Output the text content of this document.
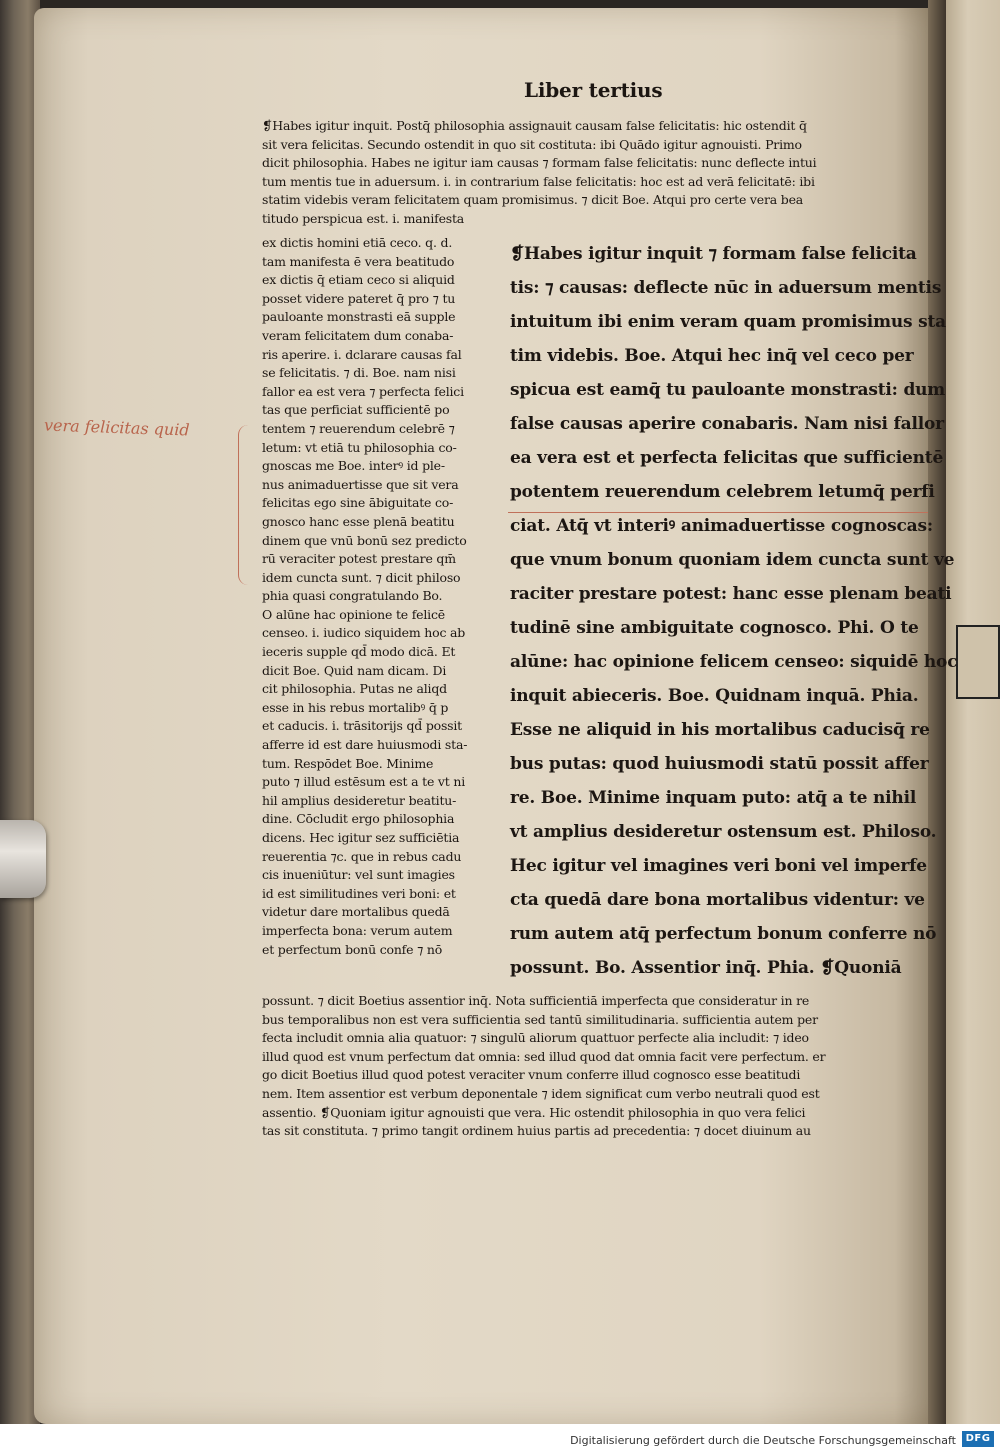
Liber tertius
❡Habes igitur inquit. Postq̄ philosophia assignauit causam false felicitatis: hic ostendit q̄
sit vera felicitas. Secundo ostendit in quo sit costituta: ibi Quādo igitur agnouisti. Primo
dicit philosophia. Habes ne igitur iam causas ⁊ formam false felicitatis: nunc deflecte intui
tum mentis tue in aduersum. i. in contrarium false felicitatis: hoc est ad verā felicitatē: ibi
statim videbis veram felicitatem quam promisimus. ⁊ dicit Boe. Atqui pro certe vera bea
titudo perspicua est. i. manifesta
ex dictis homini etiā ceco. q. d.
tam manifesta ē vera beatitudo
ex dictis q̄ etiam ceco si aliquid
posset videre pateret q̄ pro ⁊ tu
pauloante monstrasti eā supple
veram felicitatem dum conaba-
ris aperire. i. dclarare causas fal
se felicitatis. ⁊ di. Boe. nam nisi
fallor ea est vera ⁊ perfecta felici
tas que perficiat sufficientē po
tentem ⁊ reuerendum celebrē ⁊
letum: vt etiā tu philosophia co-
gnoscas me Boe. interꝰ id ple-
nus animaduertisse que sit vera
felicitas ego sine ābiguitate co-
gnosco hanc esse plenā beatitu
dinem que vnū bonū sez predicto
rū veraciter potest prestare qm̄
idem cuncta sunt. ⁊ dicit philoso
phia quasi congratulando Bo.
O alūne hac opinione te felicē
censeo. i. iudico siquidem hoc ab
ieceris supple qd̄ modo dicā. Et
dicit Boe. Quid nam dicam. Di
cit philosophia. Putas ne aliqd
esse in his rebus mortalibꝰ q̄ p
et caducis. i. trāsitorijs qd̄ possit
afferre id est dare huiusmodi sta-
tum. Respōdet Boe. Minime
puto ⁊ illud estēsum est a te vt ni
hil amplius desideretur beatitu-
dine. Cōcludit ergo philosophia
dicens. Hec igitur sez sufficiētia
reuerentia ⁊c. que in rebus cadu
cis inueniūtur: vel sunt imagies
id est similitudines veri boni: et
videtur dare mortalibus quedā
imperfecta bona: verum autem
et perfectum bonū confe ⁊ nō
❡Habes igitur inquit ⁊ formam false felicita
tis: ⁊ causas: deflecte nūc in aduersum mentis
intuitum ibi enim veram quam promisimus sta
tim videbis. Boe. Atqui hec inq̄ vel ceco per
spicua est eamq̄ tu pauloante monstrasti: dum
false causas aperire conabaris. Nam nisi fallor
ea vera est et perfecta felicitas que sufficientē
potentem reuerendum celebrem letumq̄ perfi
ciat. Atq̄ vt interiꝰ animaduertisse cognoscas:
que vnum bonum quoniam idem cuncta sunt ve
raciter prestare potest: hanc esse plenam beati
tudinē sine ambiguitate cognosco. Phi. O te
alūne: hac opinione felicem censeo: siquidē hoc
inquit abieceris. Boe. Quidnam inquā. Phia.
Esse ne aliquid in his mortalibus caducisq̄ re
bus putas: quod huiusmodi statū possit affer
re. Boe. Minime inquam puto: atq̄ a te nihil
vt amplius desideretur ostensum est. Philoso.
Hec igitur vel imagines veri boni vel imperfe
cta quedā dare bona mortalibus videntur: ve
rum autem atq̄ perfectum bonum conferre nō
possunt. Bo. Assentior inq̄. Phia. ❡Quoniā
possunt. ⁊ dicit Boetius assentior inq̄. Nota sufficientiā imperfecta que consideratur in re
bus temporalibus non est vera sufficientia sed tantū similitudinaria. sufficientia autem per
fecta includit omnia alia quatuor: ⁊ singulū aliorum quattuor perfecte alia includit: ⁊ ideo
illud quod est vnum perfectum dat omnia: sed illud quod dat omnia facit vere perfectum. er
go dicit Boetius illud quod potest veraciter vnum conferre illud cognosco esse beatitudi
nem. Item assentior est verbum deponentale ⁊ idem significat cum verbo neutrali quod est
assentio. ❡Quoniam igitur agnouisti que vera. Hic ostendit philosophia in quo vera felici
tas sit constituta. ⁊ primo tangit ordinem huius partis ad precedentia: ⁊ docet diuinum au
vera felicitas quid
Digitalisierung gefördert durch die Deutsche Forschungsgemeinschaft DFG
